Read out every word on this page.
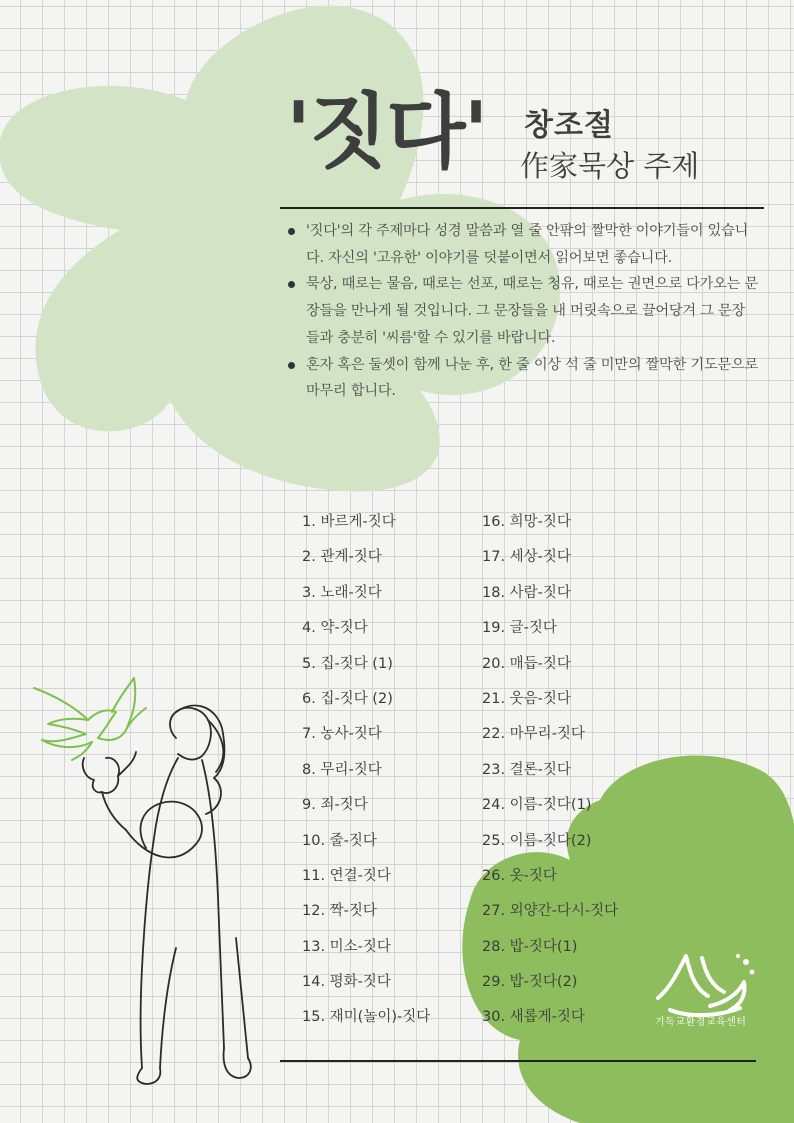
'짓다' 창조절
作家묵상 주제
'짓다'의 각 주제마다 성경 말씀과 열 줄 안팎의 짤막한 이야기들이 있습니다. 자신의 '고유한' 이야기를 덧붙이면서 읽어보면 좋습니다.
묵상, 때로는 물음, 때로는 선포, 때로는 청유, 때로는 권면으로 다가오는 문장들을 만나게 될 것입니다. 그 문장들을 내 머릿속으로 끌어당겨 그 문장들과 충분히 '씨름'할 수 있기를 바랍니다.
혼자 혹은 둘셋이 함께 나눈 후, 한 줄 이상 석 줄 미만의 짤막한 기도문으로 마무리 합니다.
1. 바르게-짓다
2. 관계-짓다
3. 노래-짓다
4. 약-짓다
5. 집-짓다 (1)
6. 집-짓다 (2)
7. 농사-짓다
8. 무리-짓다
9. 죄-짓다
10. 줄-짓다
11. 연결-짓다
12. 짝-짓다
13. 미소-짓다
14. 평화-짓다
15. 재미(놀이)-짓다
16. 희망-짓다
17. 세상-짓다
18. 사람-짓다
19. 글-짓다
20. 매듭-짓다
21. 웃음-짓다
22. 마무리-짓다
23. 결론-짓다
24. 이름-짓다(1)
25. 이름-짓다(2)
26. 옷-짓다
27. 외양간-다시-짓다
28. 밥-짓다(1)
29. 밥-짓다(2)
30. 새롭게-짓다	기독교환경교육센터
